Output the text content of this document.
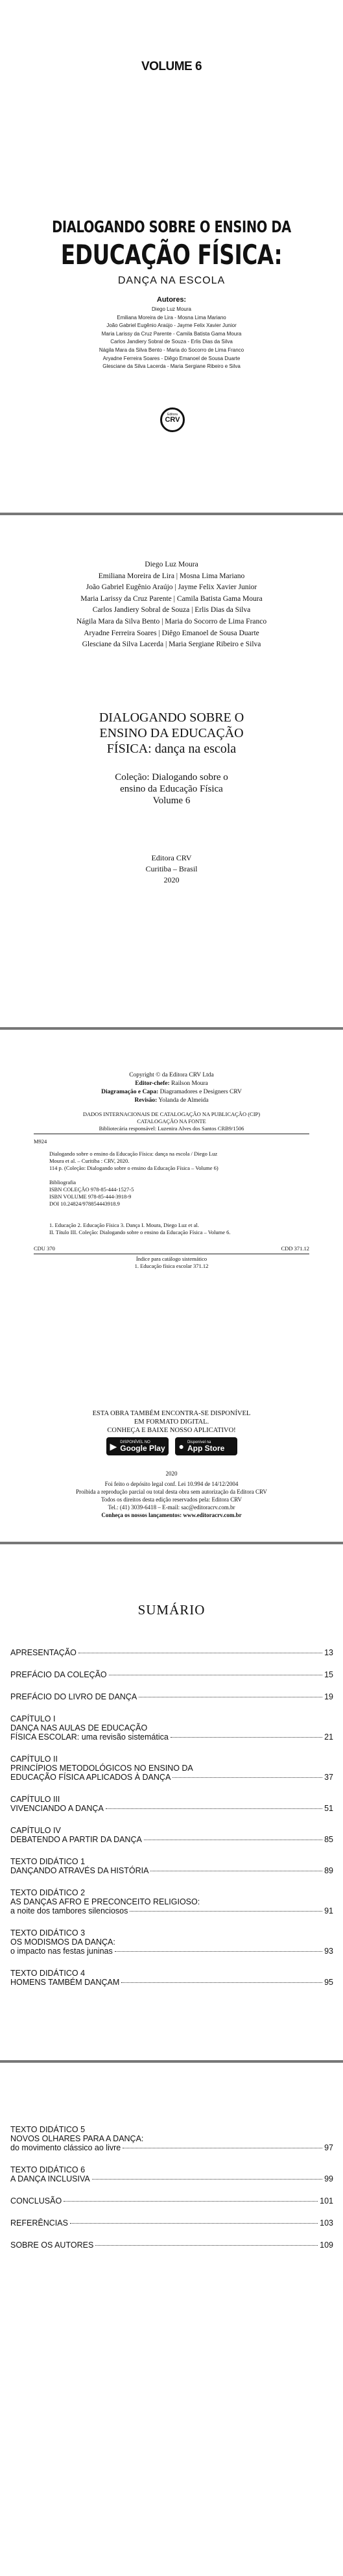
VOLUME 6
DIALOGANDO SOBRE O ENSINO DA
EDUCAÇÃO FÍSICA:
DANÇA NA ESCOLA
Autores:
Diego Luz Moura
Emiliana Moreira de Lira - Mosna Lima Mariano
João Gabriel Eugênio Araújo - Jayme Felix Xavier Junior
Maria Larissy da Cruz Parente - Camila Batista Gama Moura
Carlos Jandiery Sobral de Souza - Erlis Dias da Silva
Nágila Mara da Silva Bento - Maria do Socorro de Lima Franco
Aryadne Ferreira Soares - Diêgo Emanoel de Sousa Duarte
Glesciane da Silva Lacerda - Maria Sergiane Ribeiro e Silva
Editora
CRV
Diego Luz Moura
Emiliana Moreira de Lira | Mosna Lima Mariano
João Gabriel Eugênio Araújo | Jayme Felix Xavier Junior
Maria Larissy da Cruz Parente | Camila Batista Gama Moura
Carlos Jandiery Sobral de Souza | Erlis Dias da Silva
Nágila Mara da Silva Bento | Maria do Socorro de Lima Franco
Aryadne Ferreira Soares | Diêgo Emanoel de Sousa Duarte
Glesciane da Silva Lacerda | Maria Sergiane Ribeiro e Silva
DIALOGANDO SOBRE O
ENSINO DA EDUCAÇÃO
FÍSICA: dança na escola
Coleção: Dialogando sobre o
ensino da Educação Física
Volume 6
Editora CRV
Curitiba – Brasil
2020
Copyright © da Editora CRV Ltda
Editor-chefe: Railson Moura
Diagramação e Capa: Diagramadores e Designers CRV
Revisão: Yolanda de Almeida
DADOS INTERNACIONAIS DE CATALOGAÇÃO NA PUBLICAÇÃO (CIP)
CATALOGAÇÃO NA FONTE
Bibliotecária responsável: Luzenira Alves dos Santos CRB9/1506
M924
Dialogando sobre o ensino da Educação Física: dança na escola / Diego Luz
Moura et al. – Curitiba : CRV, 2020.
114 p. (Coleção: Dialogando sobre o ensino da Educação Física – Volume 6)
Bibliografia
ISBN COLEÇÃO 978-85-444-1527-5
ISBN VOLUME 978-85-444-3918-9
DOI 10.24824/978854443918.9
1. Educação 2. Educação Física 3. Dança I. Moura, Diego Luz et al.
II. Título III. Coleção: Dialogando sobre o ensino da Educação Física – Volume 6.
CDU 370	CDD 371.12
Índice para catálogo sistemático
1. Educação física escolar 371.12
ESTA OBRA TAMBÉM ENCONTRA-SE DISPONÍVEL
EM FORMATO DIGITAL.
CONHEÇA E BAIXE NOSSO APLICATIVO!
▶ DISPONÍVEL NO
Google Play ● Disponível na
App Store
2020
Foi feito o depósito legal conf. Lei 10.994 de 14/12/2004
Proibida a reprodução parcial ou total desta obra sem autorização da Editora CRV
Todos os direitos desta edição reservados pela: Editora CRV
Tel.: (41) 3039-6418 – E-mail: sac@editoracrv.com.br
Conheça os nossos lançamentos: www.editoracrv.com.br
SUMÁRIO
APRESENTAÇÃO	13
PREFÁCIO DA COLEÇÃO	15
PREFÁCIO DO LIVRO DE DANÇA	19
CAPÍTULO I
DANÇA NAS AULAS DE EDUCAÇÃO
FÍSICA ESCOLAR: uma revisão sistemática	21
CAPÍTULO II
PRINCÍPIOS METODOLÓGICOS NO ENSINO DA
EDUCAÇÃO FÍSICA APLICADOS À DANÇA	37
CAPÍTULO III
VIVENCIANDO A DANÇA	51
CAPÍTULO IV
DEBATENDO A PARTIR DA DANÇA	85
TEXTO DIDÁTICO 1
DANÇANDO ATRAVÉS DA HISTÓRIA	89
TEXTO DIDÁTICO 2
AS DANÇAS AFRO E PRECONCEITO RELIGIOSO:
a noite dos tambores silenciosos	91
TEXTO DIDÁTICO 3
OS MODISMOS DA DANÇA:
o impacto nas festas juninas	93
TEXTO DIDÁTICO 4
HOMENS TAMBÉM DANÇAM	95
TEXTO DIDÁTICO 5
NOVOS OLHARES PARA A DANÇA:
do movimento clássico ao livre	97
TEXTO DIDÁTICO 6
A DANÇA INCLUSIVA	99
CONCLUSÃO	101
REFERÊNCIAS	103
SOBRE OS AUTORES	109
